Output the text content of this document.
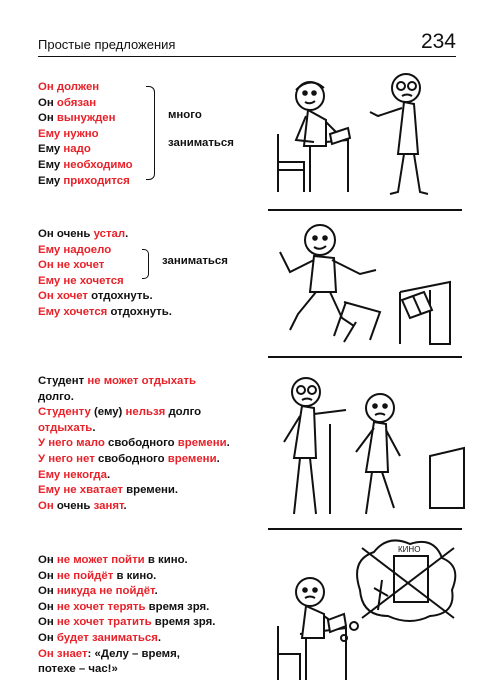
Простые предложения	234
Он должен
Он обязан
Он вынужден
Ему нужно
Ему надо
Ему необходимо
Ему приходится
много
заниматься
Он очень устал.
Ему надоело
Он не хочет
Ему не хочется
Он хочет отдохнуть.
Ему хочется отдохнуть.
заниматься
Студент не может отдыхать
долго.
Студенту (ему) нельзя долго
отдыхать.
У него мало свободного времени.
У него нет свободного времени.
Ему некогда.
Ему не хватает времени.
Он очень занят.
Он не может пойти в кино.
Он не пойдёт в кино.
Он никуда не пойдёт.
Он не хочет терять время зря.
Он не хочет тратить время зря.
Он будет заниматься.
Он знает: «Делу – время,
потехе – час!»
КИНО
